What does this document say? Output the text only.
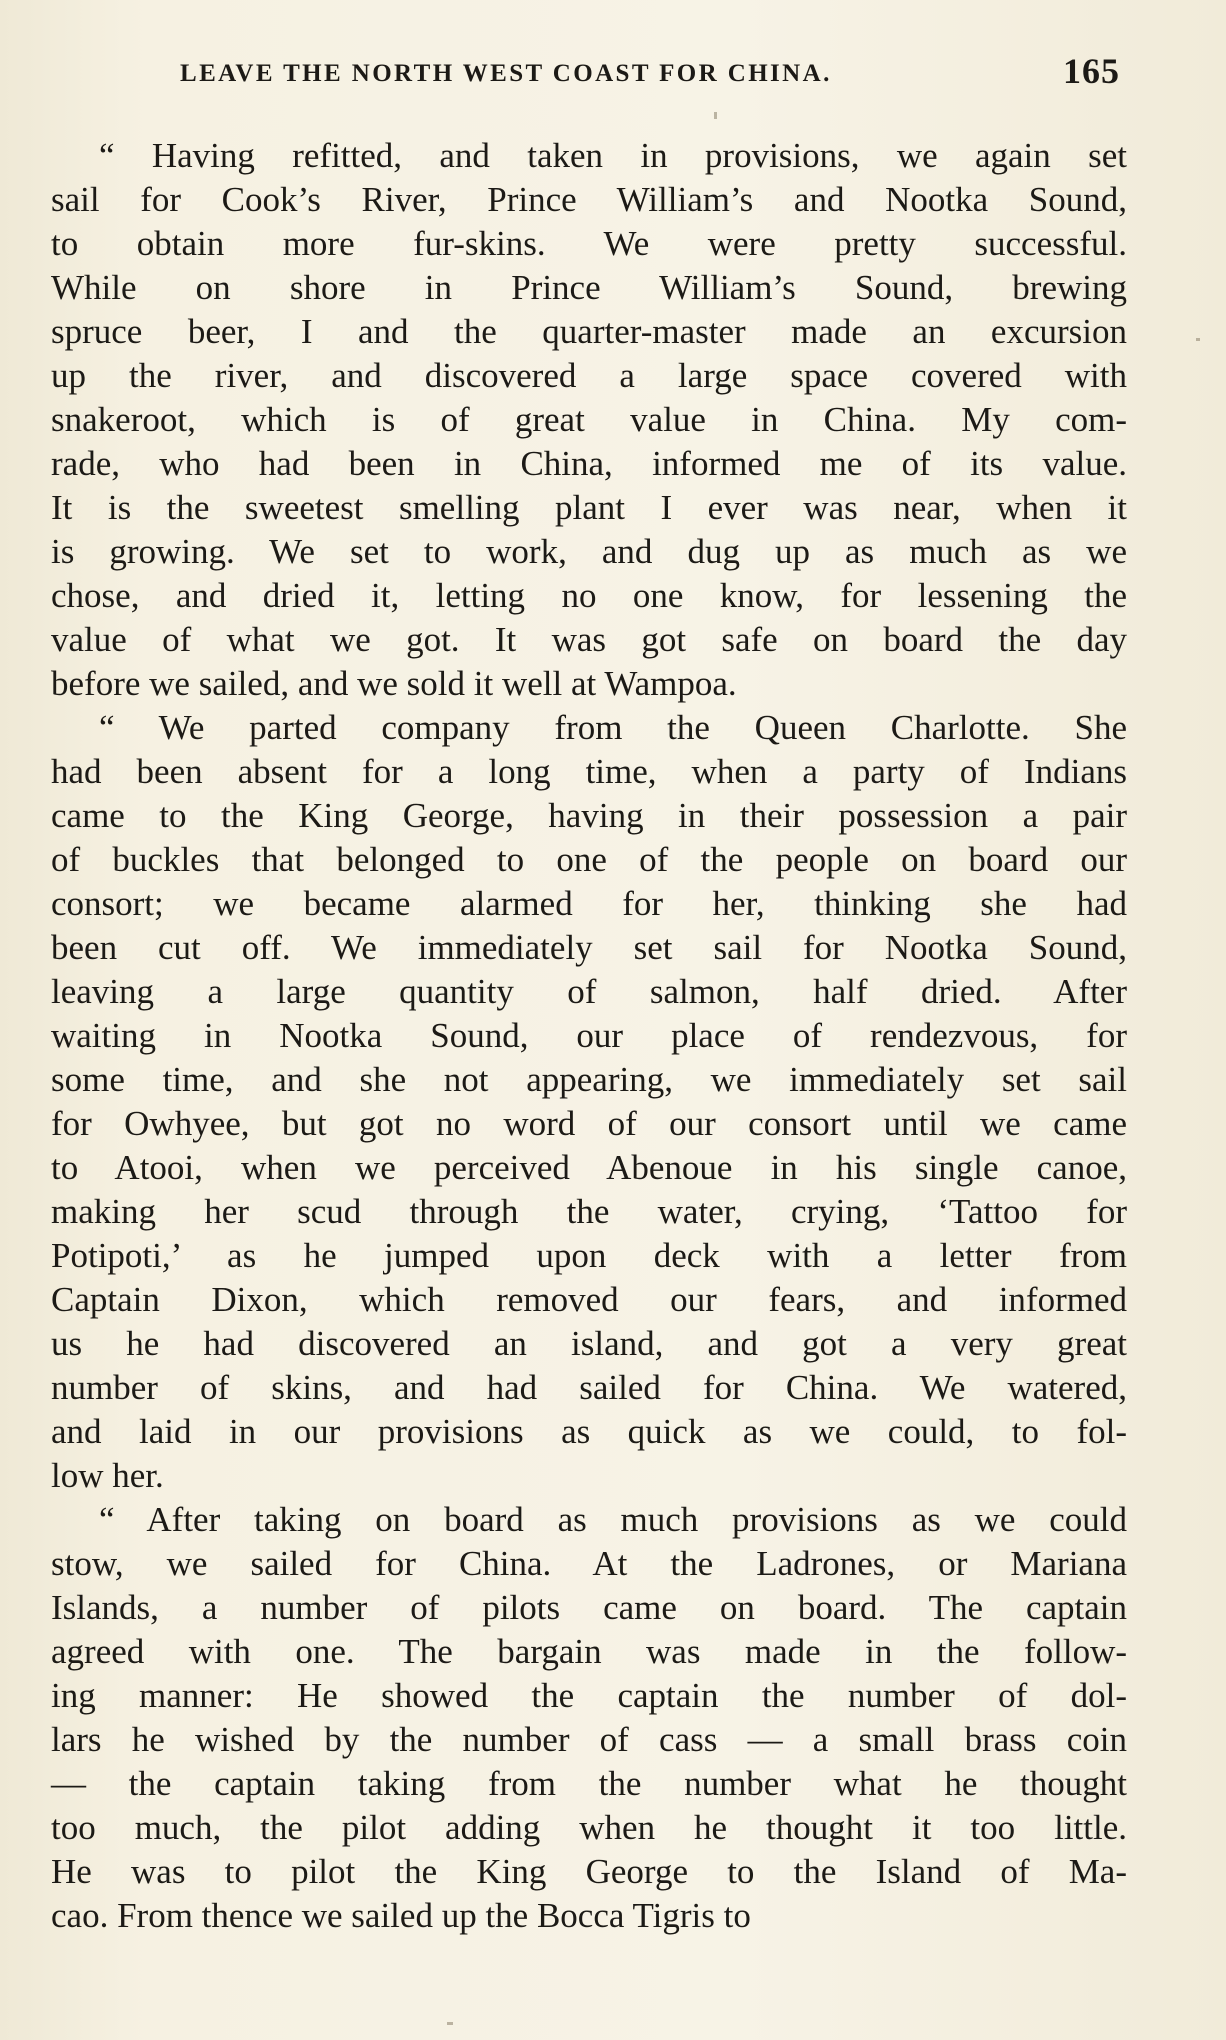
LEAVE THE NORTH WEST COAST FOR CHINA.	165
“ Having refitted, and taken in provisions, we again set
sail for Cook’s River, Prince William’s and Nootka Sound,
to obtain more fur-skins. We were pretty successful.
While on shore in Prince William’s Sound, brewing
spruce beer, I and the quarter-master made an excursion
up the river, and discovered a large space covered with
snakeroot, which is of great value in China. My com-
rade, who had been in China, informed me of its value.
It is the sweetest smelling plant I ever was near, when it
is growing. We set to work, and dug up as much as we
chose, and dried it, letting no one know, for lessening the
value of what we got. It was got safe on board the day
before we sailed, and we sold it well at Wampoa.
“ We parted company from the Queen Charlotte. She
had been absent for a long time, when a party of Indians
came to the King George, having in their possession a pair
of buckles that belonged to one of the people on board our
consort; we became alarmed for her, thinking she had
been cut off. We immediately set sail for Nootka Sound,
leaving a large quantity of salmon, half dried. After
waiting in Nootka Sound, our place of rendezvous, for
some time, and she not appearing, we immediately set sail
for Owhyee, but got no word of our consort until we came
to Atooi, when we perceived Abenoue in his single canoe,
making her scud through the water, crying, ‘Tattoo for
Potipoti,’ as he jumped upon deck with a letter from
Captain Dixon, which removed our fears, and informed
us he had discovered an island, and got a very great
number of skins, and had sailed for China. We watered,
and laid in our provisions as quick as we could, to fol-
low her.
“ After taking on board as much provisions as we could
stow, we sailed for China. At the Ladrones, or Mariana
Islands, a number of pilots came on board. The captain
agreed with one. The bargain was made in the follow-
ing manner: He showed the captain the number of dol-
lars he wished by the number of cass — a small brass coin
— the captain taking from the number what he thought
too much, the pilot adding when he thought it too little.
He was to pilot the King George to the Island of Ma-
cao. From thence we sailed up the Bocca Tigris to
